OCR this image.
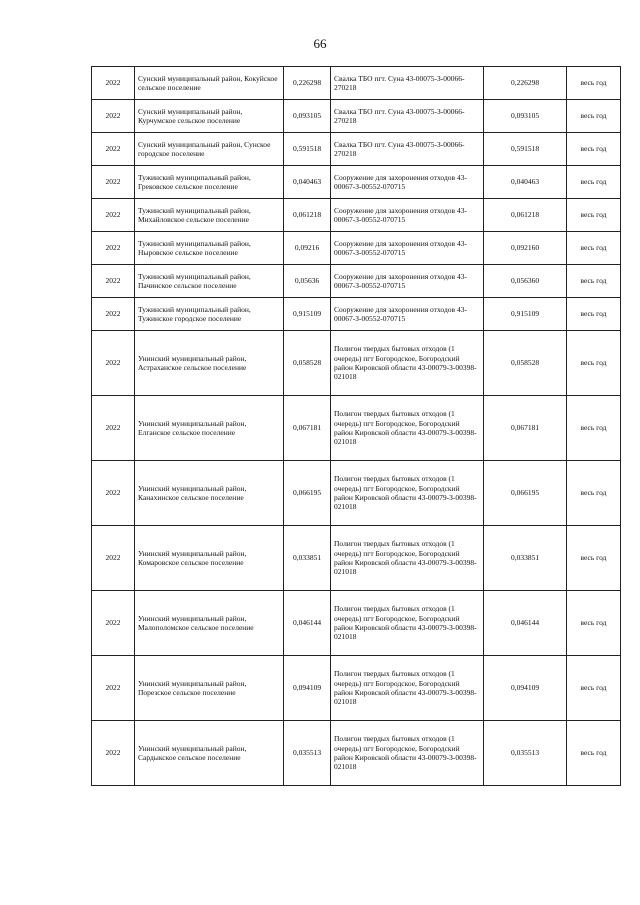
66
2022	Сунский муниципальный район, Кокуйское сельское поселение	0,226298	Свалка ТБО пгт. Суна 43-00075-З-00066-270218	0,226298	весь год
2022	Сунский муниципальный район, Курчумское сельское поселение	0,093105	Свалка ТБО пгт. Суна 43-00075-З-00066-270218	0,093105	весь год
2022	Сунский муниципальный район, Сунское городское поселение	0,591518	Свалка ТБО пгт. Суна 43-00075-З-00066-270218	0,591518	весь год
2022	Тужинский муниципальный район, Грековское сельское поселение	0,040463	Сооружение для захоронения отходов 43-00067-З-00552-070715	0,040463	весь год
2022	Тужинский муниципальный район, Михайловское сельское поселение	0,061218	Сооружение для захоронения отходов 43-00067-З-00552-070715	0,061218	весь год
2022	Тужинский муниципальный район, Ныровское сельское поселение	0,09216	Сооружение для захоронения отходов 43-00067-З-00552-070715	0,092160	весь год
2022	Тужинский муниципальный район, Пачинское сельское поселение	0,05636	Сооружение для захоронения отходов 43-00067-З-00552-070715	0,056360	весь год
2022	Тужинский муниципальный район, Тужинское городское поселение	0,915109	Сооружение для захоронения отходов 43-00067-З-00552-070715	0,915109	весь год
2022	Унинский муниципальный район, Астраханское сельское поселение	0,058528	Полигон твердых бытовых отходов (1 очередь) пгт Богородское, Богородский район Кировской области 43-00079-З-00398-021018	0,058528	весь год
2022	Унинский муниципальный район, Елганское сельское поселение	0,067181	Полигон твердых бытовых отходов (1 очередь) пгт Богородское, Богородский район Кировской области 43-00079-З-00398-021018	0,067181	весь год
2022	Унинский муниципальный район, Канахинское сельское поселение	0,066195	Полигон твердых бытовых отходов (1 очередь) пгт Богородское, Богородский район Кировской области 43-00079-З-00398-021018	0,066195	весь год
2022	Унинский муниципальный район, Комаровское сельское поселение	0,033851	Полигон твердых бытовых отходов (1 очередь) пгт Богородское, Богородский район Кировской области 43-00079-З-00398-021018	0,033851	весь год
2022	Унинский муниципальный район, Малополомское сельское поселение	0,046144	Полигон твердых бытовых отходов (1 очередь) пгт Богородское, Богородский район Кировской области 43-00079-З-00398-021018	0,046144	весь год
2022	Унинский муниципальный район, Порезское сельское поселение	0,094109	Полигон твердых бытовых отходов (1 очередь) пгт Богородское, Богородский район Кировской области 43-00079-З-00398-021018	0,094109	весь год
2022	Унинский муниципальный район, Сардыкское сельское поселение	0,035513	Полигон твердых бытовых отходов (1 очередь) пгт Богородское, Богородский район Кировской области 43-00079-З-00398-021018	0,035513	весь год
